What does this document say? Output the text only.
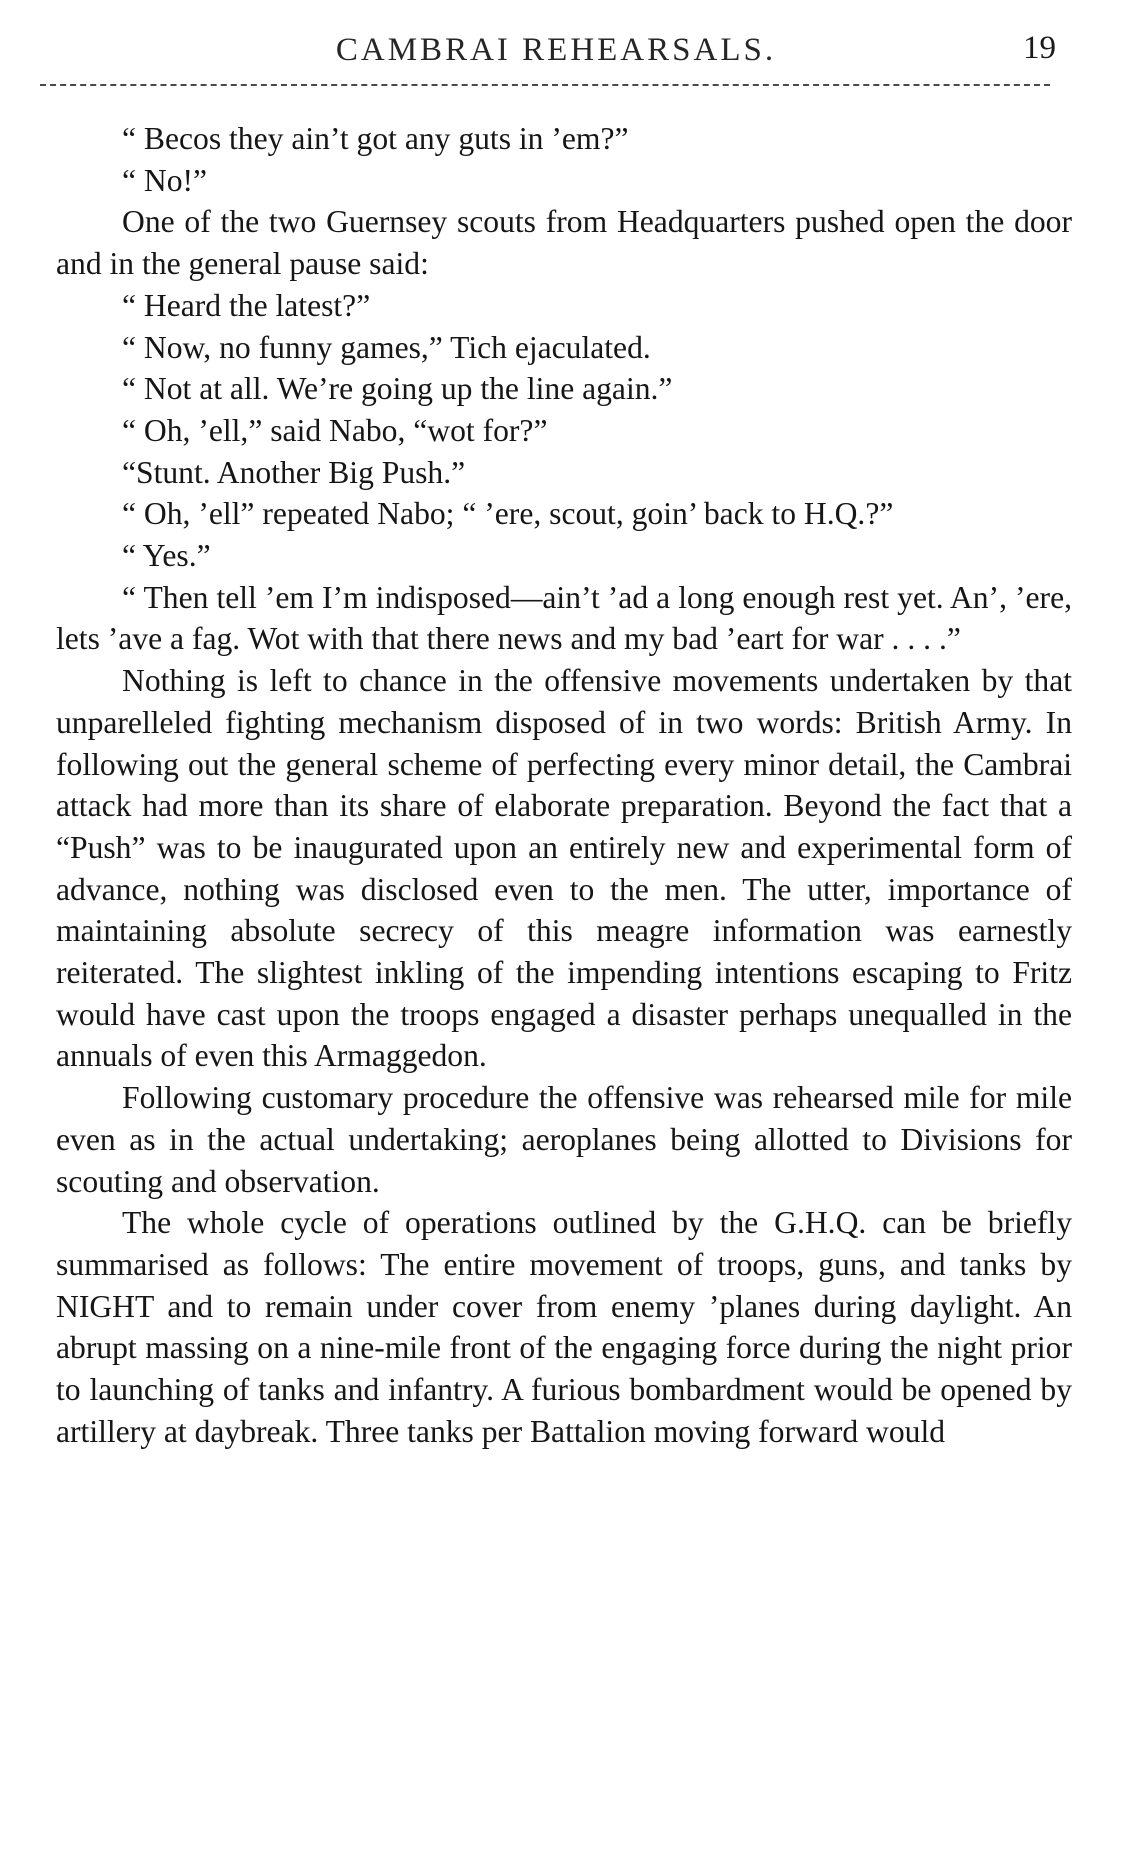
CAMBRAI REHEARSALS.	19

“ Becos they ain’t got any guts in ’em?”

“ No!”

One of the two Guernsey scouts from Headquarters pushed open the door and in the general pause said:

“ Heard the latest?”

“ Now, no funny games,” Tich ejaculated.

“ Not at all. We’re going up the line again.”

“ Oh, ’ell,” said Nabo, “wot for?”

“Stunt. Another Big Push.”

“ Oh, ’ell” repeated Nabo; “ ’ere, scout, goin’ back to H.Q.?”

“ Yes.”

“ Then tell ’em I’m indisposed—ain’t ’ad a long enough rest yet. An’, ’ere, lets ’ave a fag. Wot with that there news and my bad ’eart for war . . . .”

Nothing is left to chance in the offensive movements undertaken by that unparelleled fighting mechanism disposed of in two words: British Army. In following out the general scheme of perfecting every minor detail, the Cambrai attack had more than its share of elaborate preparation. Beyond the fact that a “Push” was to be inaugurated upon an entirely new and experimental form of advance, nothing was disclosed even to the men. The utter, importance of maintaining absolute secrecy of this meagre information was earnestly reiterated. The slightest inkling of the impending intentions escaping to Fritz would have cast upon the troops engaged a disaster perhaps unequalled in the annuals of even this Armaggedon.

Following customary procedure the offensive was rehearsed mile for mile even as in the actual undertaking; aeroplanes being allotted to Divisions for scouting and observation.

The whole cycle of operations outlined by the G.H.Q. can be briefly summarised as follows: The entire movement of troops, guns, and tanks by NIGHT and to remain under cover from enemy ’planes during daylight. An abrupt massing on a nine-mile front of the engaging force during the night prior to launching of tanks and infantry. A furious bombardment would be opened by artillery at daybreak. Three tanks per Battalion moving forward would
